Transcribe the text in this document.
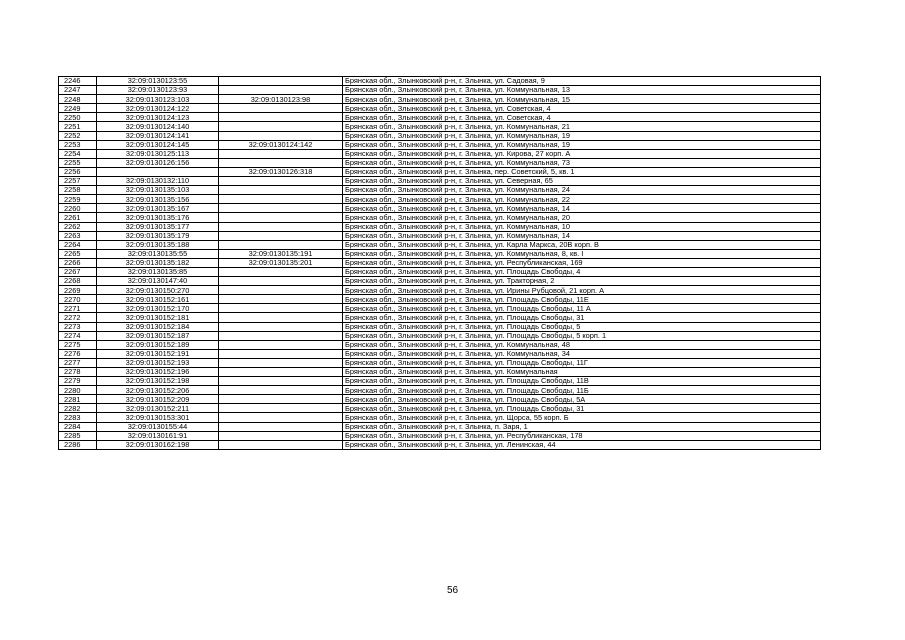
2246	32:09:0130123:55		Брянская обл., Злынковский р-н, г. Злынка, ул. Садовая, 9
2247	32:09:0130123:93		Брянская обл., Злынковский р-н, г. Злынка, ул. Коммунальная, 13
2248	32:09:0130123:103	32:09:0130123:98	Брянская обл., Злынковский р-н, г. Злынка, ул. Коммунальная, 15
2249	32:09:0130124:122		Брянская обл., Злынковский р-н, г. Злынка, ул. Советская, 4
2250	32:09:0130124:123		Брянская обл., Злынковский р-н, г. Злынка, ул. Советская, 4
2251	32:09:0130124:140		Брянская обл., Злынковский р-н, г. Злынка, ул. Коммунальная, 21
2252	32:09:0130124:141		Брянская обл., Злынковский р-н, г. Злынка, ул. Коммунальная, 19
2253	32:09:0130124:145	32:09:0130124:142	Брянская обл., Злынковский р-н, г. Злынка, ул. Коммунальная, 19
2254	32:09:0130125:113		Брянская обл., Злынковский р-н, г. Злынка, ул. Кирова, 27 корп. А
2255	32:09:0130126:156		Брянская обл., Злынковский р-н, г. Злынка, ул. Коммунальная, 73
2256		32:09:0130126:318	Брянская обл., Злынковский р-н, г. Злынка, пер. Советский, 5, кв. 1
2257	32:09:0130132:110		Брянская обл., Злынковский р-н, г. Злынка, ул. Северная, 65
2258	32:09:0130135:103		Брянская обл., Злынковский р-н, г. Злынка, ул. Коммунальная, 24
2259	32:09:0130135:156		Брянская обл., Злынковский р-н, г. Злынка, ул. Коммунальная, 22
2260	32:09:0130135:167		Брянская обл., Злынковский р-н, г. Злынка, ул. Коммунальная, 14
2261	32:09:0130135:176		Брянская обл., Злынковский р-н, г. Злынка, ул. Коммунальная, 20
2262	32:09:0130135:177		Брянская обл., Злынковский р-н, г. Злынка, ул. Коммунальная, 10
2263	32:09:0130135:179		Брянская обл., Злынковский р-н, г. Злынка, ул. Коммунальная, 14
2264	32:09:0130135:188		Брянская обл., Злынковский р-н, г. Злынка, ул. Карла Маркса, 20В корп. В
2265	32:09:0130135:55	32:09:0130135:191	Брянская обл., Злынковский р-н, г. Злынка, ул. Коммунальная, 8, кв. I
2266	32:09:0130135:182	32:09:0130135:201	Брянская обл., Злынковский р-н, г. Злынка, ул. Республиканская, 169
2267	32:09:0130135:85		Брянская обл., Злынковский р-н, г. Злынка, ул. Площадь Свободы, 4
2268	32:09:0130147:40		Брянская обл., Злынковский р-н, г. Злынка, ул. Тракторная, 2
2269	32:09:0130150:270		Брянская обл., Злынковский р-н, г. Злынка, ул. Ирины Рубцовой, 21 корп. А
2270	32:09:0130152:161		Брянская обл., Злынковский р-н, г. Злынка, ул. Площадь Свободы, 11Е
2271	32:09:0130152:170		Брянская обл., Злынковский р-н, г. Злынка, ул. Площадь Свободы, 11 А
2272	32:09:0130152:181		Брянская обл., Злынковский р-н, г. Злынка, ул. Площадь Свободы, 31
2273	32:09:0130152:184		Брянская обл., Злынковский р-н, г. Злынка, ул. Площадь Свободы, 5
2274	32:09:0130152:187		Брянская обл., Злынковский р-н, г. Злынка, ул. Площадь Свободы, 5 корп. 1
2275	32:09:0130152:189		Брянская обл., Злынковский р-н, г. Злынка, ул. Коммунальная, 48
2276	32:09:0130152:191		Брянская обл., Злынковский р-н, г. Злынка, ул. Коммунальная, 34
2277	32:09:0130152:193		Брянская обл., Злынковский р-н, г. Злынка, ул. Площадь Свободы, 11Г
2278	32:09:0130152:196		Брянская обл., Злынковский р-н, г. Злынка, ул. Коммунальная
2279	32:09:0130152:198		Брянская обл., Злынковский р-н, г. Злынка, ул. Площадь Свободы, 11В
2280	32:09:0130152:206		Брянская обл., Злынковский р-н, г. Злынка, ул. Площадь Свободы, 11Б
2281	32:09:0130152:209		Брянская обл., Злынковский р-н, г. Злынка, ул. Площадь Свободы, 5А
2282	32:09:0130152:211		Брянская обл., Злынковский р-н, г. Злынка, ул. Площадь Свободы, 31
2283	32:09:0130153:301		Брянская обл., Злынковский р-н, г. Злынка, ул. Щорса, 55 корп. Б
2284	32:09:0130155:44		Брянская обл., Злынковский р-н, г. Злынка, п. Заря, 1
2285	32:09:0130161:91		Брянская обл., Злынковский р-н, г. Злынка, ул. Республиканская, 178
2286	32:09:0130162:198		Брянская обл., Злынковский р-н, г. Злынка, ул. Ленинская, 44
56
